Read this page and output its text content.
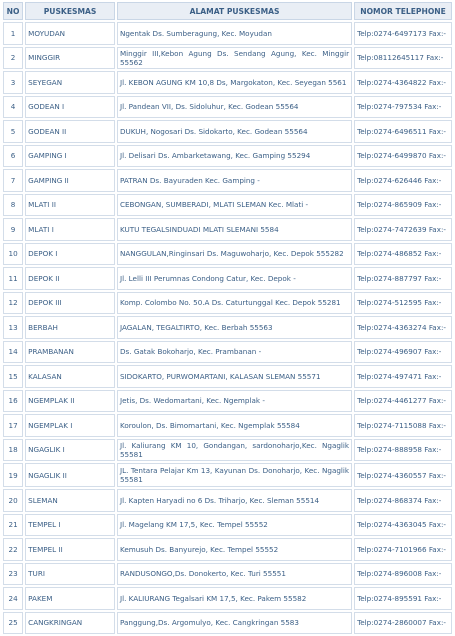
NO	PUSKESMAS	ALAMAT PUSKESMAS	NOMOR TELEPHONE
1	MOYUDAN	Ngentak Ds. Sumberagung, Kec. Moyudan	Telp:0274-6497173 Fax:-
2	MINGGIR	Minggir III,Kebon Agung Ds. Sendang Agung, Kec. Minggir 55562	Telp:08112645117 Fax:-
3	SEYEGAN	Jl. KEBON AGUNG KM 10,8 Ds, Margokaton, Kec. Seyegan 5561	Telp:0274-4364822 Fax:-
4	GODEAN I	Jl. Pandean VII, Ds. Sidoluhur, Kec. Godean 55564	Telp:0274-797534 Fax:-
5	GODEAN II	DUKUH, Nogosari Ds. Sidokarto, Kec. Godean 55564	Telp:0274-6496511 Fax:-
6	GAMPING I	Jl. Delisari Ds. Ambarketawang, Kec. Gamping 55294	Telp:0274-6499870 Fax:-
7	GAMPING II	PATRAN Ds. Bayuraden Kec. Gamping -	Telp:0274-626446 Fax:-
8	MLATI II	CEBONGAN, SUMBERADI, MLATI SLEMAN Kec. Mlati -	Telp:0274-865909 Fax:-
9	MLATI I	KUTU TEGALSINDUADI MLATI SLEMANI 5584	Telp:0274-7472639 Fax:-
10	DEPOK I	NANGGULAN,Ringinsari Ds. Maguwoharjo, Kec. Depok 555282	Telp:0274-486852 Fax:-
11	DEPOK II	Jl. Lelli III Perumnas Condong Catur, Kec. Depok -	Telp:0274-887797 Fax:-
12	DEPOK III	Komp. Colombo No. 50.A Ds. Caturtunggal Kec. Depok 55281	Telp:0274-512595 Fax:-
13	BERBAH	JAGALAN, TEGALTIRTO, Kec. Berbah 55563	Telp:0274-4363274 Fax:-
14	PRAMBANAN	Ds. Gatak Bokoharjo, Kec. Prambanan -	Telp:0274-496907 Fax:-
15	KALASAN	SIDOKARTO, PURWOMARTANI, KALASAN SLEMAN 55571	Telp:0274-497471 Fax:-
16	NGEMPLAK II	Jetis, Ds. Wedomartani, Kec. Ngemplak -	Telp:0274-4461277 Fax:-
17	NGEMPLAK I	Koroulon, Ds. Bimomartani, Kec. Ngemplak 55584	Telp:0274-7115088 Fax:-
18	NGAGLIK I	Jl. Kaliurang KM 10, Gondangan, sardonoharjo,Kec. Ngaglik 55581	Telp:0274-888958 Fax:-
19	NGAGLIK II	JL. Tentara Pelajar Km 13, Kayunan Ds. Donoharjo, Kec. Ngaglik 55581	Telp:0274-4360557 Fax:-
20	SLEMAN	Jl. Kapten Haryadi no 6 Ds. Triharjo, Kec. Sleman 55514	Telp:0274-868374 Fax:-
21	TEMPEL I	Jl. Magelang KM 17,5, Kec. Tempel 55552	Telp:0274-4363045 Fax:-
22	TEMPEL II	Kemusuh Ds. Banyurejo, Kec. Tempel 55552	Telp:0274-7101966 Fax:-
23	TURI	RANDUSONGO,Ds. Donokerto, Kec. Turi 55551	Telp:0274-896008 Fax:-
24	PAKEM	Jl. KALIURANG Tegalsari KM 17,5, Kec. Pakem 55582	Telp:0274-895591 Fax:-
25	CANGKRINGAN	Panggung,Ds. Argomulyo, Kec. Cangkringan 5583	Telp:0274-2860007 Fax:-
